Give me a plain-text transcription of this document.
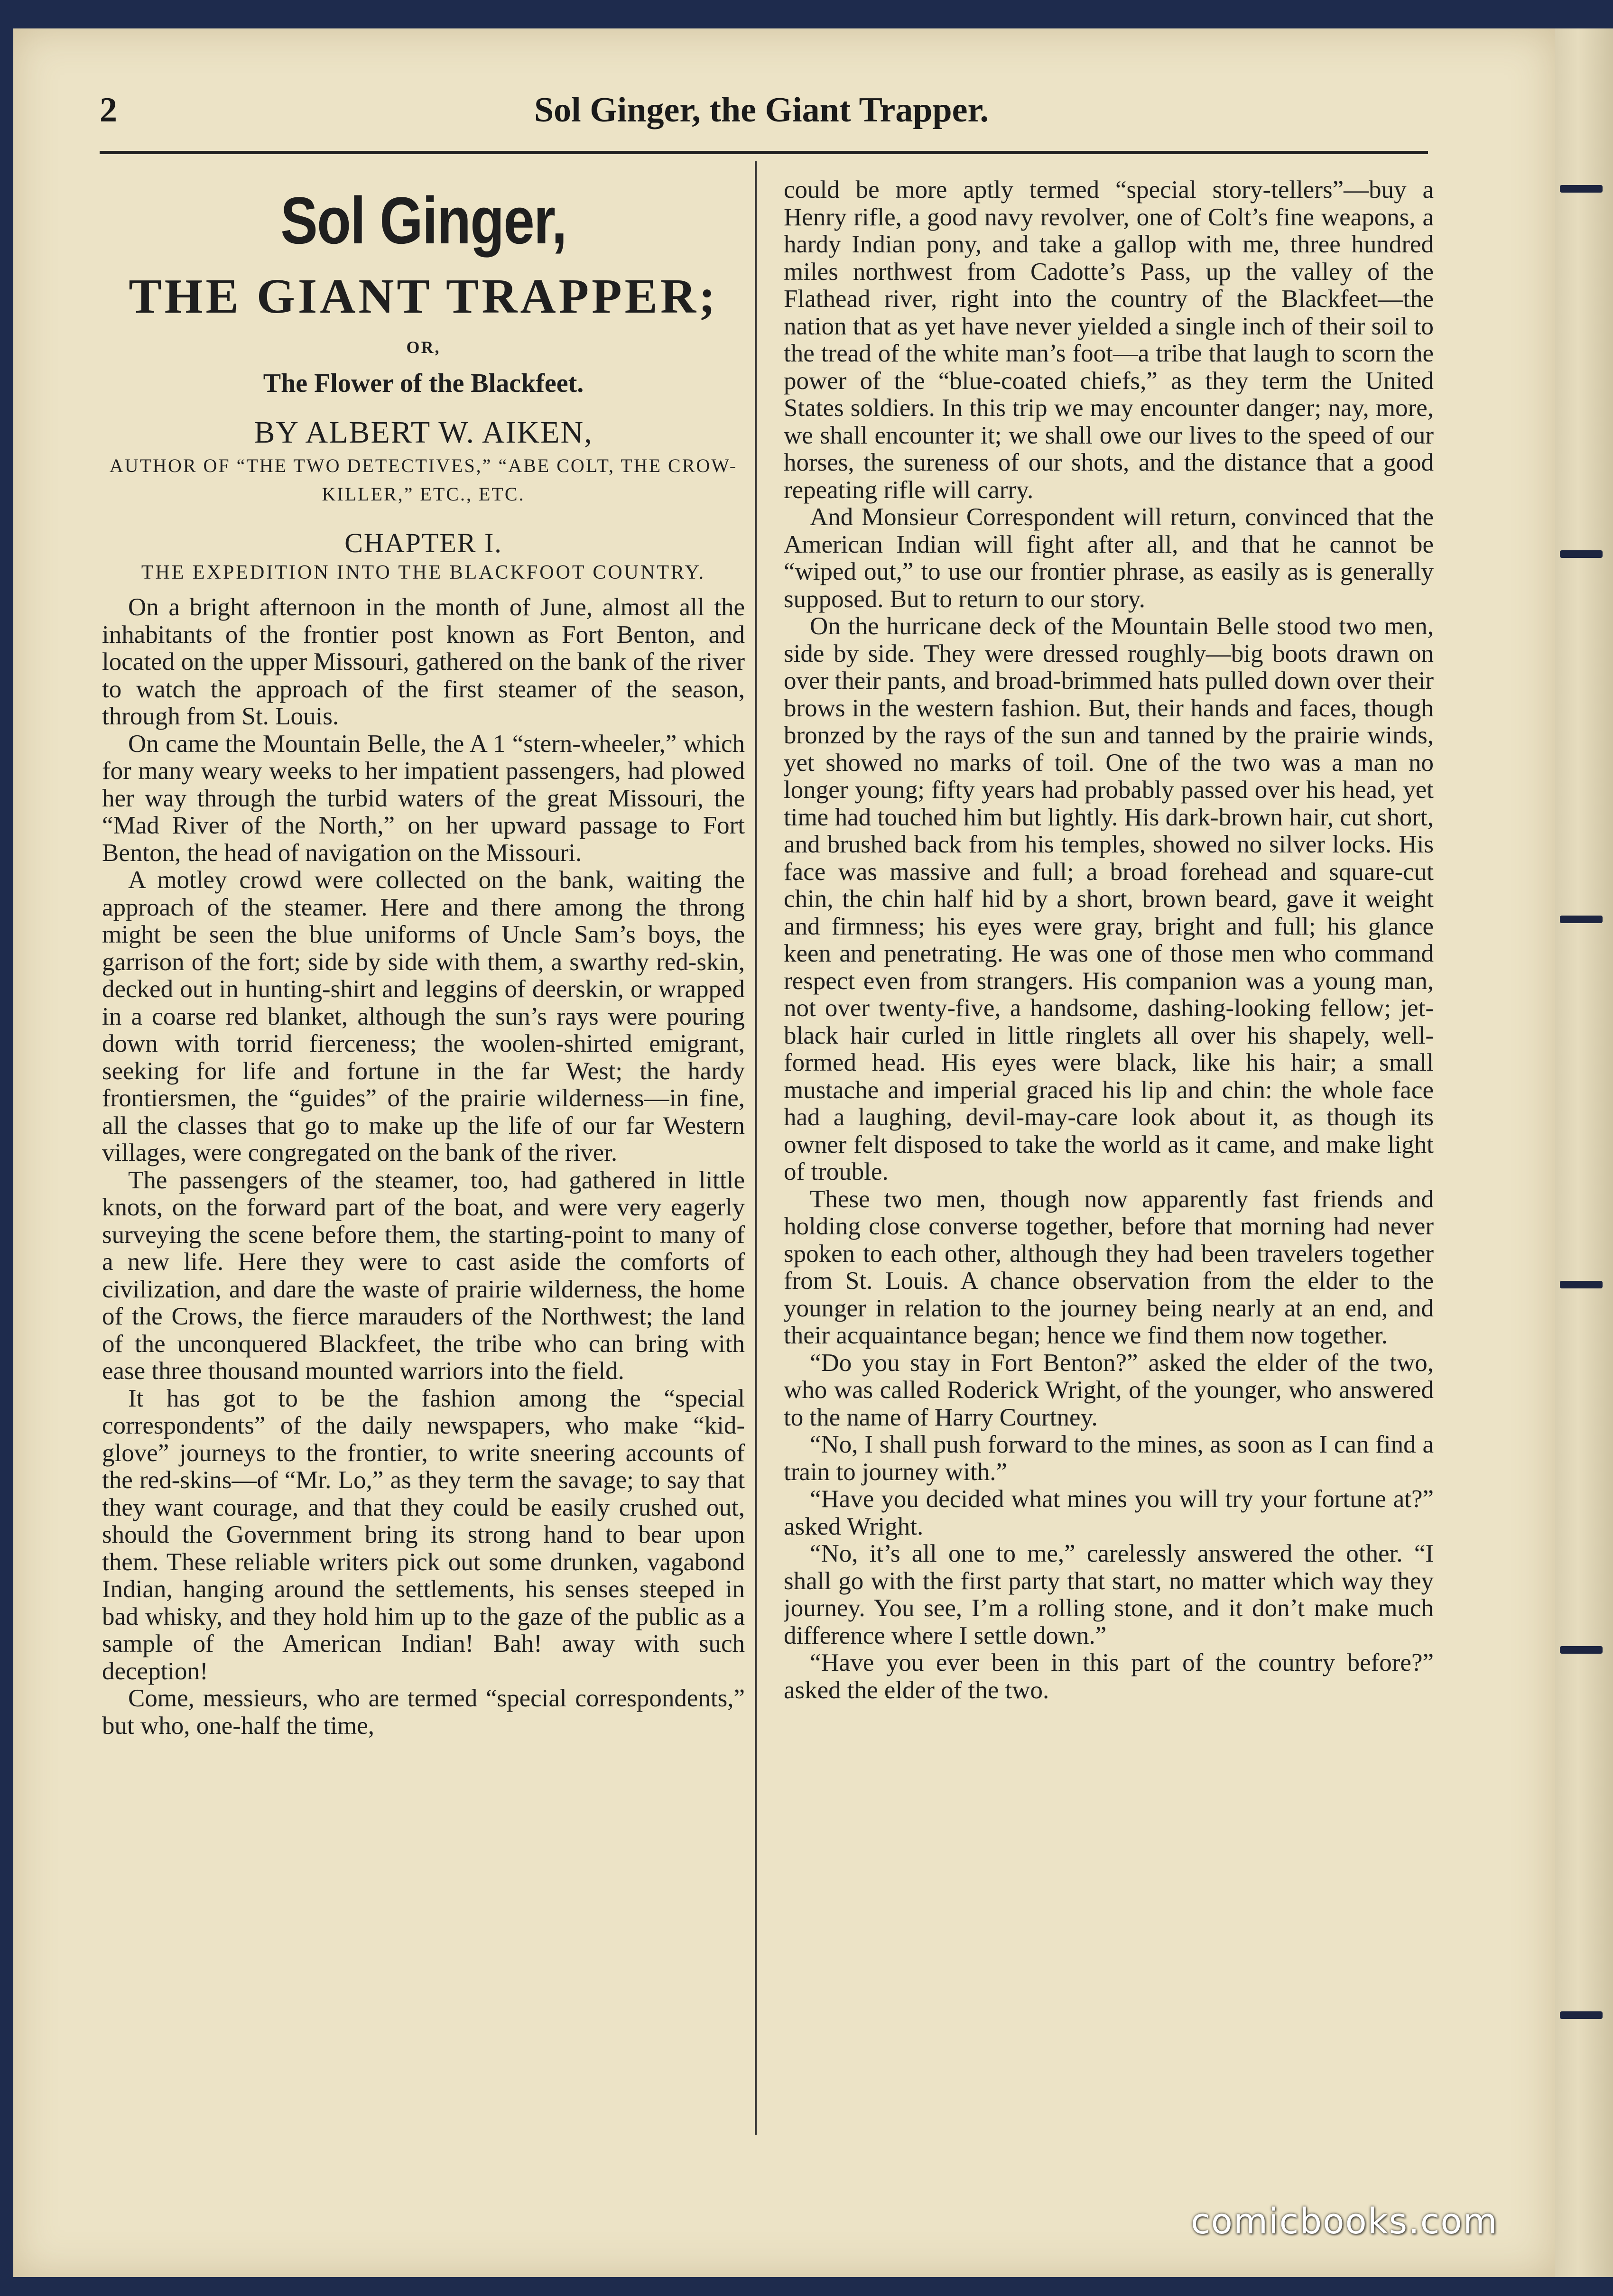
2	Sol Ginger, the Giant Trapper.
Sol Ginger,
THE GIANT TRAPPER;
OR,
The Flower of the Blackfeet.
BY ALBERT W. AIKEN,
AUTHOR OF “THE TWO DETECTIVES,” “ABE COLT, THE CROW-KILLER,” ETC., ETC.
CHAPTER I.
THE EXPEDITION INTO THE BLACKFOOT COUNTRY.

On a bright afternoon in the month of June, almost all the inhabitants of the frontier post known as Fort Benton, and located on the upper Missouri, gathered on the bank of the river to watch the approach of the first steamer of the season, through from St. Louis.

On came the Mountain Belle, the A 1 “stern-wheeler,” which for many weary weeks to her impatient passengers, had plowed her way through the turbid waters of the great Missouri, the “Mad River of the North,” on her upward passage to Fort Benton, the head of navigation on the Missouri.

A motley crowd were collected on the bank, waiting the approach of the steamer. Here and there among the throng might be seen the blue uniforms of Uncle Sam’s boys, the garrison of the fort; side by side with them, a swarthy red-skin, decked out in hunting-shirt and leggins of deerskin, or wrapped in a coarse red blanket, although the sun’s rays were pouring down with torrid fierceness; the woolen-shirted emigrant, seeking for life and fortune in the far West; the hardy frontiersmen, the “guides” of the prairie wilderness—in fine, all the classes that go to make up the life of our far Western villages, were congregated on the bank of the river.

The passengers of the steamer, too, had gathered in little knots, on the forward part of the boat, and were very eagerly surveying the scene before them, the starting-point to many of a new life. Here they were to cast aside the comforts of civilization, and dare the waste of prairie wilderness, the home of the Crows, the fierce marauders of the Northwest; the land of the unconquered Blackfeet, the tribe who can bring with ease three thousand mounted warriors into the field.

It has got to be the fashion among the “special correspondents” of the daily newspapers, who make “kid-glove” journeys to the frontier, to write sneering accounts of the red-skins—of “Mr. Lo,” as they term the savage; to say that they want courage, and that they could be easily crushed out, should the Government bring its strong hand to bear upon them. These reliable writers pick out some drunken, vagabond Indian, hanging around the settlements, his senses steeped in bad whisky, and they hold him up to the gaze of the public as a sample of the American Indian! Bah! away with such deception!

Come, messieurs, who are termed “special correspondents,” but who, one-half the time,

could be more aptly termed “special story-tellers”—buy a Henry rifle, a good navy revolver, one of Colt’s fine weapons, a hardy Indian pony, and take a gallop with me, three hundred miles northwest from Cadotte’s Pass, up the valley of the Flathead river, right into the country of the Blackfeet—the nation that as yet have never yielded a single inch of their soil to the tread of the white man’s foot—a tribe that laugh to scorn the power of the “blue-coated chiefs,” as they term the United States soldiers. In this trip we may encounter danger; nay, more, we shall encounter it; we shall owe our lives to the speed of our horses, the sureness of our shots, and the distance that a good repeating rifle will carry.

And Monsieur Correspondent will return, convinced that the American Indian will fight after all, and that he cannot be “wiped out,” to use our frontier phrase, as easily as is generally supposed. But to return to our story.

On the hurricane deck of the Mountain Belle stood two men, side by side. They were dressed roughly—big boots drawn on over their pants, and broad-brimmed hats pulled down over their brows in the western fashion. But, their hands and faces, though bronzed by the rays of the sun and tanned by the prairie winds, yet showed no marks of toil. One of the two was a man no longer young; fifty years had probably passed over his head, yet time had touched him but lightly. His dark-brown hair, cut short, and brushed back from his temples, showed no silver locks. His face was massive and full; a broad forehead and square-cut chin, the chin half hid by a short, brown beard, gave it weight and firmness; his eyes were gray, bright and full; his glance keen and penetrating. He was one of those men who command respect even from strangers. His companion was a young man, not over twenty-five, a handsome, dashing-looking fellow; jet-black hair curled in little ringlets all over his shapely, well-formed head. His eyes were black, like his hair; a small mustache and imperial graced his lip and chin: the whole face had a laughing, devil-may-care look about it, as though its owner felt disposed to take the world as it came, and make light of trouble.

These two men, though now apparently fast friends and holding close converse together, before that morning had never spoken to each other, although they had been travelers together from St. Louis. A chance observation from the elder to the younger in relation to the journey being nearly at an end, and their acquaintance began; hence we find them now together.

“Do you stay in Fort Benton?” asked the elder of the two, who was called Roderick Wright, of the younger, who answered to the name of Harry Courtney.

“No, I shall push forward to the mines, as soon as I can find a train to journey with.”

“Have you decided what mines you will try your fortune at?” asked Wright.

“No, it’s all one to me,” carelessly answered the other. “I shall go with the first party that start, no matter which way they journey. You see, I’m a rolling stone, and it don’t make much difference where I settle down.”

“Have you ever been in this part of the country before?” asked the elder of the two.

comicbooks.com
